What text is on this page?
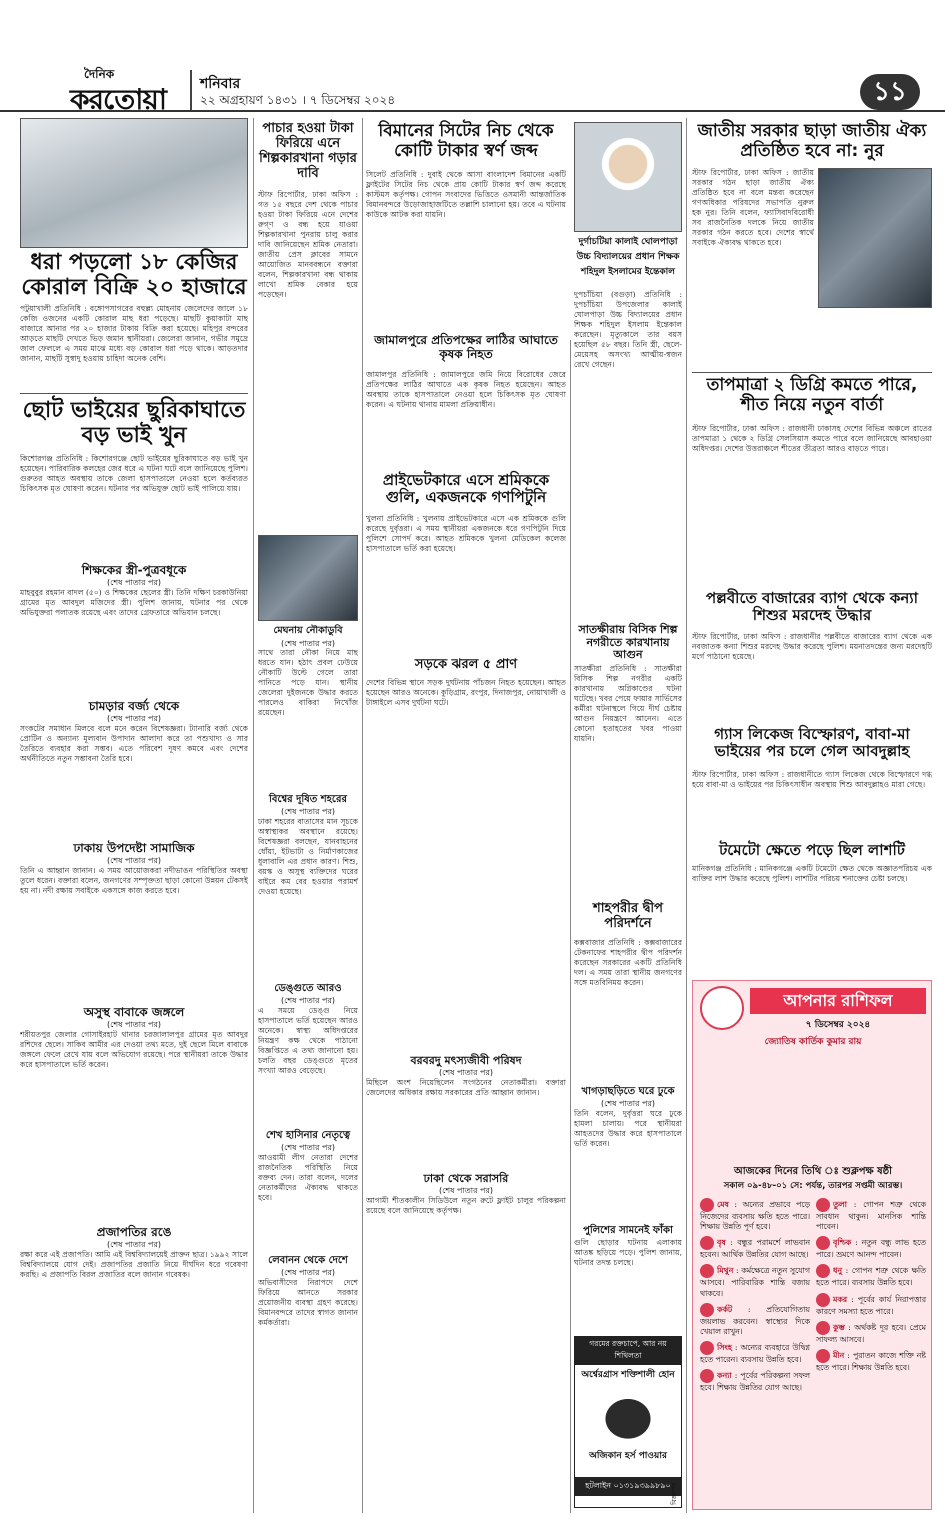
দৈনিক
করতোয়া শনিবার
২২ অগ্রহায়ণ ১৪৩১ । ৭ ডিসেম্বর ২০২৪	১১
ধরা পড়লো ১৮ কেজির কোরাল বিক্রি ২০ হাজারে
পটুয়াখালী প্রতিনিধি : বঙ্গোপসাগরের বহুল্ল্য মোহনায় জেলেদের জালে ১৮ কেজি ওজনের একটি কোরাল মাছ ধরা পড়েছে। মাছটি কুয়াকাটা মাছ বাজারে আনার পর ২০ হাজার টাকায় বিক্রি করা হয়েছে। মহিপুর বন্দরের আড়তে মাছটি দেখতে ভিড় জমান স্থানীয়রা। জেলেরা জানান, গভীর সমুদ্রে জাল ফেললে এ সময় মাঝে মধ্যে বড় কোরাল ধরা পড়ে থাকে। আড়তদার জানান, মাছটি সুস্বাদু হওয়ায় চাহিদা অনেক বেশি।
ছোট ভাইয়ের ছুরিকাঘাতে বড় ভাই খুন
কিশোরগঞ্জ প্রতিনিধি : কিশোরগঞ্জে ছোট ভাইয়ের ছুরিকাঘাতে বড় ভাই খুন হয়েছেন। পারিবারিক কলহের জের ধরে এ ঘটনা ঘটে বলে জানিয়েছে পুলিশ। গুরুতর আহত অবস্থায় তাকে জেলা হাসপাতালে নেওয়া হলে কর্তব্যরত চিকিৎসক মৃত ঘোষণা করেন। ঘটনার পর অভিযুক্ত ছোট ভাই পালিয়ে যায়।
শিক্ষকের স্ত্রী-পুত্রবধূকে
(শেষ পাতার পর)
মাহবুবুর রহমান বাদল (৫০) ও শিক্ষকের ছেলের স্ত্রী। তিনি দক্ষিণ চরকাউনিয়া গ্রামের মৃত আবদুল মজিদের স্ত্রী। পুলিশ জানায়, ঘটনার পর থেকে অভিযুক্তরা পলাতক রয়েছে এবং তাদের গ্রেফতারে অভিযান চলছে।
চামড়ার বর্জ্য থেকে
(শেষ পাতার পর)
সংকটের সমাধান মিলবে বলে মনে করেন বিশেষজ্ঞরা। ট্যানারি বর্জ্য থেকে প্রোটিন ও অন্যান্য মূল্যবান উপাদান আলাদা করে তা পশুখাদ্য ও সার তৈরিতে ব্যবহার করা সম্ভব। এতে পরিবেশ দূষণ কমবে এবং দেশের অর্থনীতিতে নতুন সম্ভাবনা তৈরি হবে।
ঢাকায় উপদেষ্টা সামাজিক
(শেষ পাতার পর)
তিনি এ আহ্বান জানান। এ সময় আয়োজকরা নদীভাঙন পরিস্থিতির অবস্থা তুলে ধরেন। বক্তারা বলেন, জনগণের সম্পৃক্ততা ছাড়া কোনো উন্নয়ন টেকসই হয় না। নদী রক্ষায় সবাইকে একসঙ্গে কাজ করতে হবে।
অসুস্থ বাবাকে জঙ্গলে
(শেষ পাতার পর)
শরীয়তপুর জেলার গোসাইরহাট থানার চরজালালপুর গ্রামের মৃত আবদুর রশিদের ছেলে। সাকিব আমীর এর দেওয়া তথ্য মতে, দুই ছেলে মিলে বাবাকে জঙ্গলে ফেলে রেখে যায় বলে অভিযোগ রয়েছে। পরে স্থানীয়রা তাকে উদ্ধার করে হাসপাতালে ভর্তি করেন।
প্রজাপতির রঙে
(শেষ পাতার পর)
রক্ষা করে এই প্রজাপতি। আমি এই বিশ্ববিদ্যালয়েই প্রাক্তন ছাত্র। ১৯৯২ সালে বিশ্ববিদ্যালয়ে যোগ দেই। প্রজাপতির প্রজাতি নিয়ে দীর্ঘদিন ধরে গবেষণা করছি। এ প্রজাপতি বিরল প্রজাতির বলে জানান গবেষক।
পাচার হওয়া টাকা ফিরিয়ে এনে শিল্পকারখানা গড়ার দাবি
স্টাফ রিপোর্টার, ঢাকা অফিস : গত ১৫ বছরে দেশ থেকে পাচার হওয়া টাকা ফিরিয়ে এনে দেশের রুগ্ণ ও বন্ধ হয়ে যাওয়া শিল্পকারখানা পুনরায় চালু করার দাবি জানিয়েছেন শ্রমিক নেতারা। জাতীয় প্রেস ক্লাবের সামনে আয়োজিত মানববন্ধনে বক্তারা বলেন, শিল্পকারখানা বন্ধ থাকায় লাখো শ্রমিক বেকার হয়ে পড়েছেন।
মেঘনায় নৌকাডুবি
(শেষ পাতার পর)
সাথে তারা নৌকা নিয়ে মাছ ধরতে যান। হঠাৎ প্রবল ঢেউয়ে নৌকাটি উল্টে গেলে তারা পানিতে পড়ে যান। স্থানীয় জেলেরা দুইজনকে উদ্ধার করতে পারলেও বাকিরা নিখোঁজ রয়েছেন।
বিশ্বের দূষিত শহরের
(শেষ পাতার পর)
ঢাকা শহরের বাতাসের মান সূচকে অস্বাস্থ্যকর অবস্থানে রয়েছে। বিশেষজ্ঞরা বলছেন, যানবাহনের ধোঁয়া, ইটভাটা ও নির্মাণকাজের ধুলাবালি এর প্রধান কারণ। শিশু, বয়স্ক ও অসুস্থ ব্যক্তিদের ঘরের বাইরে কম বের হওয়ার পরামর্শ দেওয়া হয়েছে।
ডেঙ্গুতে আরও
(শেষ পাতার পর)
এ সময়ে ডেঙ্গু নিয়ে হাসপাতালে ভর্তি হয়েছেন আরও অনেকে। স্বাস্থ্য অধিদপ্তরের নিয়ন্ত্রণ কক্ষ থেকে পাঠানো বিজ্ঞপ্তিতে এ তথ্য জানানো হয়। চলতি বছর ডেঙ্গুতে মৃতের সংখ্যা আরও বেড়েছে।
শেখ হাসিনার নেতৃত্বে
(শেষ পাতার পর)
আওয়ামী লীগ নেতারা দেশের রাজনৈতিক পরিস্থিতি নিয়ে বক্তব্য দেন। তারা বলেন, দলের নেতাকর্মীদের ঐক্যবদ্ধ থাকতে হবে।
লেবানন থেকে দেশে
(শেষ পাতার পর)
অভিবাসীদের নিরাপদে দেশে ফিরিয়ে আনতে সরকার প্রয়োজনীয় ব্যবস্থা গ্রহণ করেছে। বিমানবন্দরে তাদের স্বাগত জানান কর্মকর্তারা।
বিমানের সিটের নিচ থেকে কোটি টাকার স্বর্ণ জব্দ
সিলেট প্রতিনিধি : দুবাই থেকে আসা বাংলাদেশ বিমানের একটি ফ্লাইটের সিটের নিচ থেকে প্রায় কোটি টাকার স্বর্ণ জব্দ করেছে কাস্টমস কর্তৃপক্ষ। গোপন সংবাদের ভিত্তিতে ওসমানী আন্তর্জাতিক বিমানবন্দরে উড়োজাহাজটিতে তল্লাশি চালানো হয়। তবে এ ঘটনায় কাউকে আটক করা যায়নি।
দুর্গাচটিয়া কালাই ঘোলপাড়া উচ্চ বিদ্যালয়ের প্রধান শিক্ষক শহিদুল ইসলামের ইন্তেকাল
দুপচাঁচিয়া (বগুড়া) প্রতিনিধি : দুপচাঁচিয়া উপজেলার কালাই ঘোলপাড়া উচ্চ বিদ্যালয়ের প্রধান শিক্ষক শহিদুল ইসলাম ইন্তেকাল করেছেন। মৃত্যুকালে তার বয়স হয়েছিল ৫৮ বছর। তিনি স্ত্রী, ছেলে-মেয়েসহ অসংখ্য আত্মীয়-স্বজন রেখে গেছেন।
জামালপুরে প্রতিপক্ষের লাঠির আঘাতে কৃষক নিহত
জামালপুর প্রতিনিধি : জামালপুরে জমি নিয়ে বিরোধের জেরে প্রতিপক্ষের লাঠির আঘাতে এক কৃষক নিহত হয়েছেন। আহত অবস্থায় তাকে হাসপাতালে নেওয়া হলে চিকিৎসক মৃত ঘোষণা করেন। এ ঘটনায় থানায় মামলা প্রক্রিয়াধীন।
প্রাইভেটকারে এসে শ্রমিককে গুলি, একজনকে গণপিটুনি
খুলনা প্রতিনিধি : খুলনায় প্রাইভেটকারে এসে এক শ্রমিককে গুলি করেছে দুর্বৃত্তরা। এ সময় স্থানীয়রা একজনকে ধরে গণপিটুনি দিয়ে পুলিশে সোপর্দ করে। আহত শ্রমিককে খুলনা মেডিকেল কলেজ হাসপাতালে ভর্তি করা হয়েছে।
সড়কে ঝরল ৫ প্রাণ
দেশের বিভিন্ন স্থানে সড়ক দুর্ঘটনায় পাঁচজন নিহত হয়েছেন। আহত হয়েছেন আরও অনেকে। কুড়িগ্রাম, রংপুর, দিনাজপুর, নোয়াখালী ও টাঙ্গাইলে এসব দুর্ঘটনা ঘটে।
বরবরদু মৎস্যজীবী পরিষদ
(শেষ পাতার পর)
মিছিলে অংশ নিয়েছিলেন সংগঠনের নেতাকর্মীরা। বক্তারা জেলেদের অধিকার রক্ষায় সরকারের প্রতি আহ্বান জানান।
ঢাকা থেকে সরাসরি
(শেষ পাতার পর)
আগামী শীতকালীন সিডিউলে নতুন রুটে ফ্লাইট চালুর পরিকল্পনা রয়েছে বলে জানিয়েছে কর্তৃপক্ষ।
সাতক্ষীরায় বিসিক শিল্প নগরীতে কারখানায় আগুন
সাতক্ষীরা প্রতিনিধি : সাতক্ষীরা বিসিক শিল্প নগরীর একটি কারখানায় অগ্নিকাণ্ডের ঘটনা ঘটেছে। খবর পেয়ে ফায়ার সার্ভিসের কর্মীরা ঘটনাস্থলে গিয়ে দীর্ঘ চেষ্টায় আগুন নিয়ন্ত্রণে আনেন। এতে কোনো হতাহতের খবর পাওয়া যায়নি।
শাহপরীর দ্বীপ পরিদর্শনে
কক্সবাজার প্রতিনিধি : কক্সবাজারের টেকনাফের শাহপরীর দ্বীপ পরিদর্শন করেছেন সরকারের একটি প্রতিনিধি দল। এ সময় তারা স্থানীয় জনগণের সঙ্গে মতবিনিময় করেন।
খাগড়াছড়িতে ঘরে ঢুকে
(শেষ পাতার পর)
তিনি বলেন, দুর্বৃত্তরা ঘরে ঢুকে হামলা চালায়। পরে স্থানীয়রা আহতদের উদ্ধার করে হাসপাতালে ভর্তি করেন।
পুলিশের সামনেই ফাঁকা
গুলি ছোড়ার ঘটনায় এলাকায় আতঙ্ক ছড়িয়ে পড়ে। পুলিশ জানায়, ঘটনার তদন্ত চলছে।
গরমের রক্তচাপে, আর নয় শিথিলতা
অর্শ্বেরগ্রাস শক্তিশালী হোন
অজিকান হর্স পাওয়ার
হটলাইন ০১৩১৯৩৯৯৮৯০ বিজ্ঞাপন
জাতীয় সরকার ছাড়া জাতীয় ঐক্য প্রতিষ্ঠিত হবে না: নুর
স্টাফ রিপোর্টার, ঢাকা অফিস : জাতীয় সরকার গঠন ছাড়া জাতীয় ঐক্য প্রতিষ্ঠিত হবে না বলে মন্তব্য করেছেন গণঅধিকার পরিষদের সভাপতি নুরুল হক নুর। তিনি বলেন, ফ্যাসিবাদবিরোধী সব রাজনৈতিক দলকে নিয়ে জাতীয় সরকার গঠন করতে হবে। দেশের স্বার্থে সবাইকে ঐক্যবদ্ধ থাকতে হবে।
তাপমাত্রা ২ ডিগ্রি কমতে পারে, শীত নিয়ে নতুন বার্তা
স্টাফ রিপোর্টার, ঢাকা অফিস : রাজধানী ঢাকাসহ দেশের বিভিন্ন অঞ্চলে রাতের তাপমাত্রা ১ থেকে ২ ডিগ্রি সেলসিয়াস কমতে পারে বলে জানিয়েছে আবহাওয়া অধিদপ্তর। দেশের উত্তরাঞ্চলে শীতের তীব্রতা আরও বাড়তে পারে।
পল্লবীতে বাজারের ব্যাগ থেকে কন্যা শিশুর মরদেহ উদ্ধার
স্টাফ রিপোর্টার, ঢাকা অফিস : রাজধানীর পল্লবীতে বাজারের ব্যাগ থেকে এক নবজাতক কন্যা শিশুর মরদেহ উদ্ধার করেছে পুলিশ। ময়নাতদন্তের জন্য মরদেহটি মর্গে পাঠানো হয়েছে।
গ্যাস লিকেজ বিস্ফোরণ, বাবা-মা ভাইয়ের পর চলে গেল আবদুল্লাহ
স্টাফ রিপোর্টার, ঢাকা অফিস : রাজধানীতে গ্যাস লিকেজ থেকে বিস্ফোরণে দগ্ধ হয়ে বাবা-মা ও ভাইয়ের পর চিকিৎসাধীন অবস্থায় শিশু আবদুল্লাহও মারা গেছে।
টমেটো ক্ষেতে পড়ে ছিল লাশটি
মানিকগঞ্জ প্রতিনিধি : মানিকগঞ্জে একটি টমেটো ক্ষেত থেকে অজ্ঞাতপরিচয় এক ব্যক্তির লাশ উদ্ধার করেছে পুলিশ। লাশটির পরিচয় শনাক্তের চেষ্টা চলছে।
আপনার রাশিফল
৭ ডিসেম্বর ২০২৪
জ্যোতিষ কার্তিক কুমার রায়
আজকের দিনের তিথি ঃ শুক্লপক্ষ ষষ্ঠী
সকাল ০৯-৪৮-০১ সে: পর্যন্ত, তারপর সপ্তমী আরম্ভ।
মেষ : অন্যের প্রভাবে পড়ে নিজেদের ব্যবসায় ক্ষতি হতে পারে। শিক্ষায় উন্নতি পূর্ণ হবে।
বৃষ : বন্ধুর পরামর্শে লাভবান হবেন। আর্থিক উন্নতির যোগ আছে।
মিথুন : কর্মক্ষেত্রে নতুন সুযোগ আসবে। পারিবারিক শান্তি বজায় থাকবে।
কর্কট : প্রতিযোগিতায় জয়লাভ করবেন। স্বাস্থ্যের দিকে খেয়াল রাখুন।
সিংহ : অন্যের ব্যবহারে উদ্বিগ্ন হতে পারেন। ব্যবসায় উন্নতি হবে।
কন্যা : পূর্বের পরিকল্পনা সফল হবে। শিক্ষায় উন্নতির যোগ আছে।
তুলা : গোপন শত্রু থেকে সাবধান থাকুন। মানসিক শান্তি পাবেন।
বৃশ্চিক : নতুন বন্ধু লাভ হতে পারে। ভ্রমণে আনন্দ পাবেন।
ধনু : গোপন শত্রু থেকে ক্ষতি হতে পারে। ব্যবসায় উন্নতি হবে।
মকর : পূর্বের কার্য নিরাপত্তার কারণে সমস্যা হতে পারে।
কুম্ভ : অর্থকষ্ট দূর হবে। প্রেমে সাফল্য আসবে।
মীন : পুরাতন কাজে শক্তি নষ্ট হতে পারে। শিক্ষায় উন্নতি হবে।
